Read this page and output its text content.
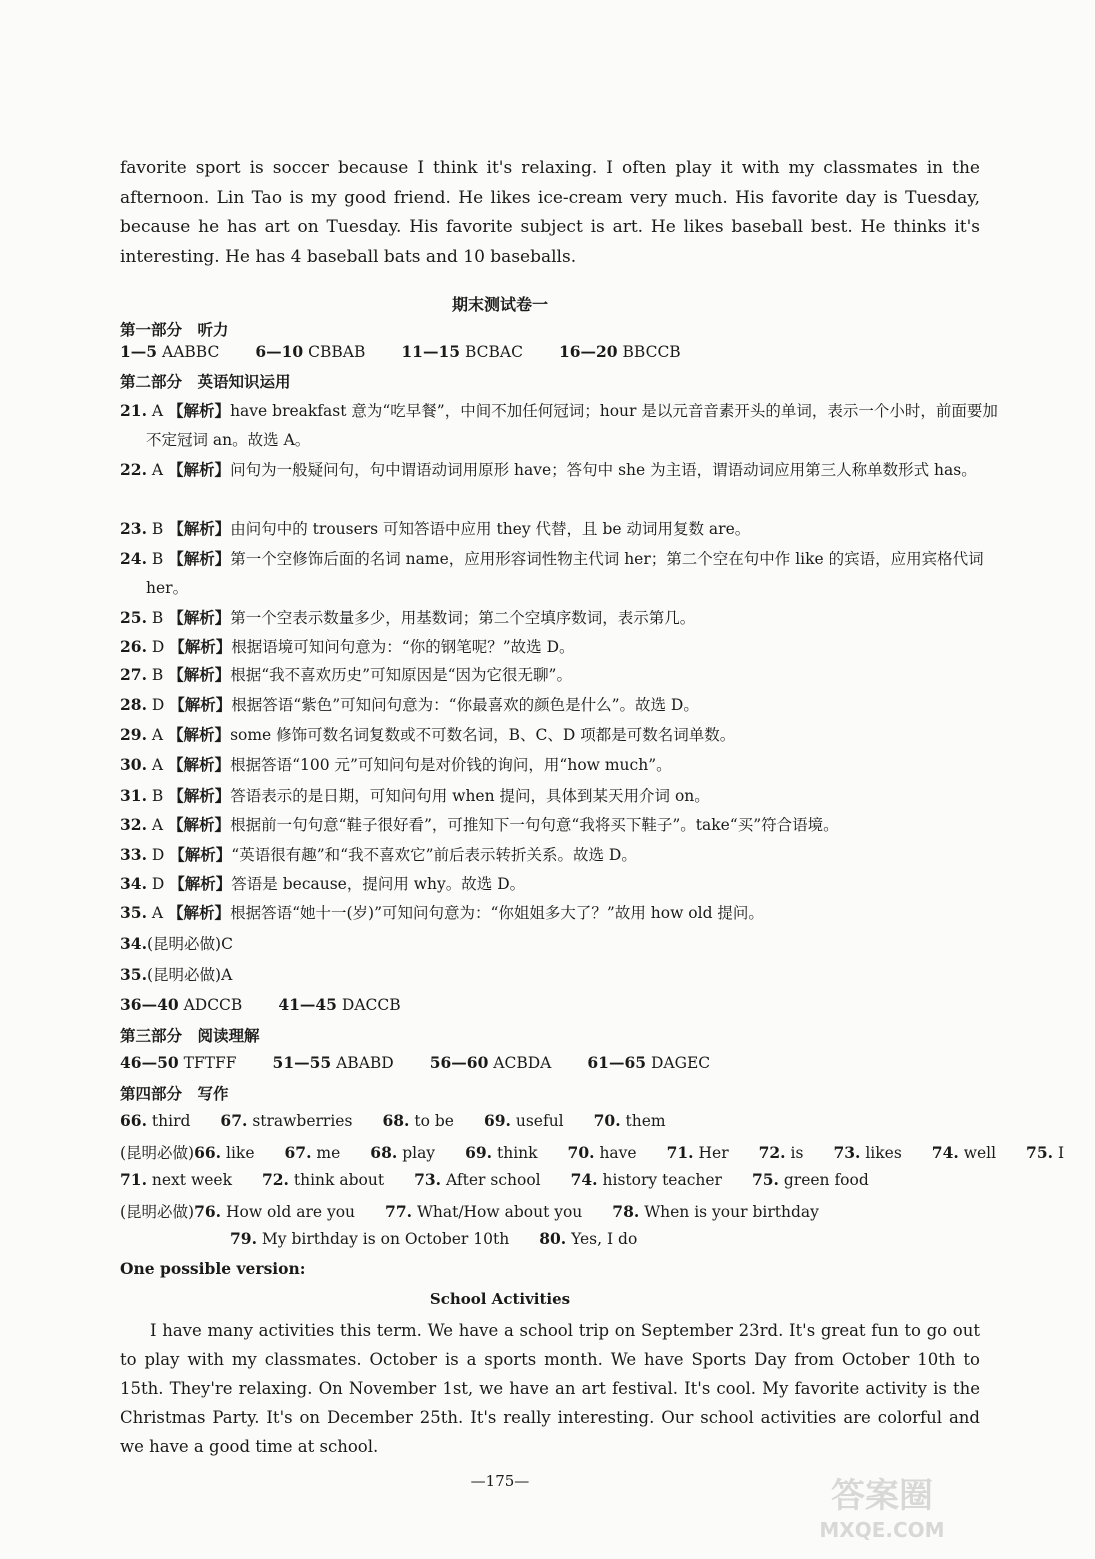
favorite sport is soccer because I think it's relaxing. I often play it with my classmates in the afternoon. Lin Tao is my good friend. He likes ice-cream very much. His favorite day is Tuesday, because he has art on Tuesday. His favorite subject is art. He likes baseball best. He thinks it's interesting. He has 4 baseball bats and 10 baseballs.
期末测试卷一
第一部分　听力
1—5 AABBC 6—10 CBBAB 11—15 BCBAC 16—20 BBCCB
第二部分　英语知识运用
21. A 【解析】have breakfast 意为“吃早餐”，中间不加任何冠词；hour 是以元音音素开头的单词，表示一个小时，前面要加不定冠词 an。故选 A。
22. A 【解析】问句为一般疑问句，句中谓语动词用原形 have；答句中 she 为主语，谓语动词应用第三人称单数形式 has。
23. B 【解析】由问句中的 trousers 可知答语中应用 they 代替，且 be 动词用复数 are。
24. B 【解析】第一个空修饰后面的名词 name，应用形容词性物主代词 her；第二个空在句中作 like 的宾语，应用宾格代词 her。
25. B 【解析】第一个空表示数量多少，用基数词；第二个空填序数词，表示第几。
26. D 【解析】根据语境可知问句意为：“你的钢笔呢？”故选 D。
27. B 【解析】根据“我不喜欢历史”可知原因是“因为它很无聊”。
28. D 【解析】根据答语“紫色”可知问句意为：“你最喜欢的颜色是什么”。故选 D。
29. A 【解析】some 修饰可数名词复数或不可数名词，B、C、D 项都是可数名词单数。
30. A 【解析】根据答语“100 元”可知问句是对价钱的询问，用“how much”。
31. B 【解析】答语表示的是日期，可知问句用 when 提问，具体到某天用介词 on。
32. A 【解析】根据前一句句意“鞋子很好看”，可推知下一句句意“我将买下鞋子”。take“买”符合语境。
33. D 【解析】“英语很有趣”和“我不喜欢它”前后表示转折关系。故选 D。
34. D 【解析】答语是 because，提问用 why。故选 D。
35. A 【解析】根据答语“她十一(岁)”可知问句意为：“你姐姐多大了？”故用 how old 提问。
34.(昆明必做)C
35.(昆明必做)A
36—40 ADCCB 41—45 DACCB
第三部分　阅读理解
46—50 TFTFF 51—55 ABABD 56—60 ACBDA 61—65 DAGEC
第四部分　写作
66. third 67. strawberries 68. to be 69. useful 70. them
(昆明必做)66. like 67. me 68. play 69. think 70. have 71. Her 72. is 73. likes 74. well 75. I
71. next week 72. think about 73. After school 74. history teacher 75. green food
(昆明必做)76. How old are you 77. What/How about you 78. When is your birthday
79. My birthday is on October 10th 80. Yes, I do
One possible version:
School Activities
I have many activities this term. We have a school trip on September 23rd. It's great fun to go out to play with my classmates. October is a sports month. We have Sports Day from October 10th to 15th. They're relaxing. On November 1st, we have an art festival. It's cool. My favorite activity is the Christmas Party. It's on December 25th. It's really interesting. Our school activities are colorful and we have a good time at school.
—175—	答案圈
MXQE.COM
